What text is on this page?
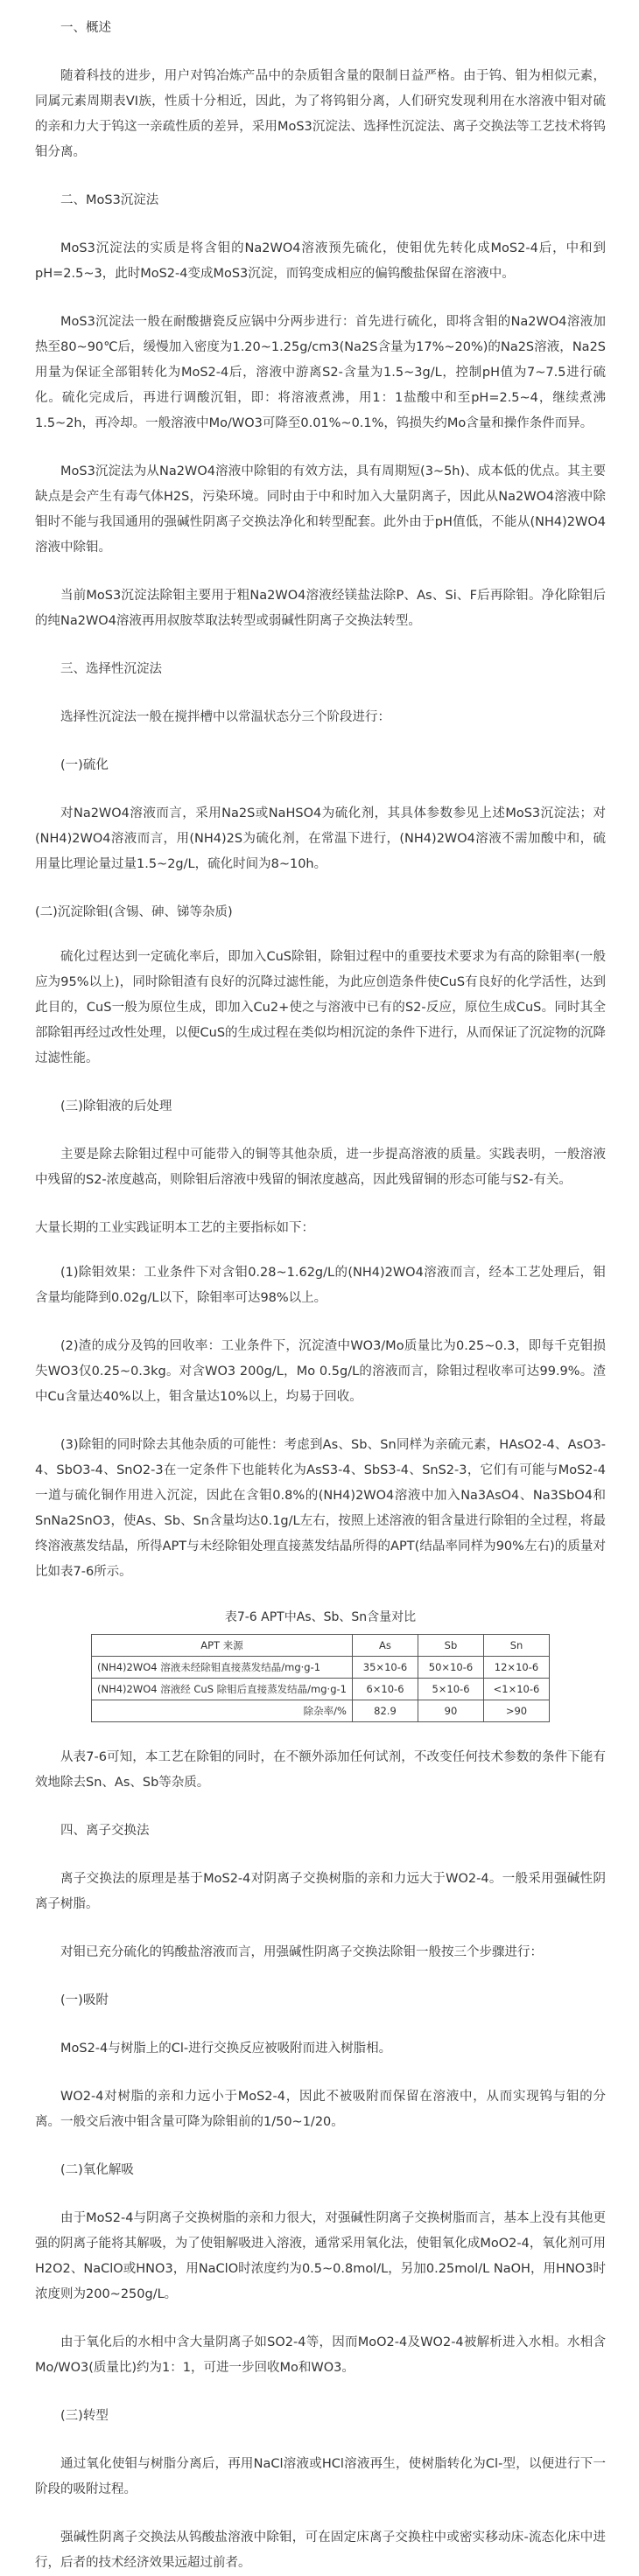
一、概述
随着科技的进步，用户对钨冶炼产品中的杂质钼含量的限制日益严格。由于钨、钼为相似元素，同属元素周期表VI族，性质十分相近，因此，为了将钨钼分离，人们研究发现利用在水溶液中钼对硫的亲和力大于钨这一亲疏性质的差异，采用MoS3沉淀法、选择性沉淀法、离子交换法等工艺技术将钨钼分离。
二、MoS3沉淀法
MoS3沉淀法的实质是将含钼的Na2WO4溶液预先硫化，使钼优先转化成MoS2-4后，中和到pH=2.5~3，此时MoS2-4变成MoS3沉淀，而钨变成相应的偏钨酸盐保留在溶液中。
MoS3沉淀法一般在耐酸搪瓷反应锅中分两步进行：首先进行硫化，即将含钼的Na2WO4溶液加热至80~90℃后，缓慢加入密度为1.20~1.25g/cm3(Na2S含量为17%~20%)的Na2S溶液，Na2S用量为保证全部钼转化为MoS2-4后，溶液中游离S2-含量为1.5~3g/L，控制pH值为7~7.5进行硫化。硫化完成后，再进行调酸沉钼，即：将溶液煮沸，用1：1盐酸中和至pH=2.5~4，继续煮沸1.5~2h，再冷却。一般溶液中Mo/WO3可降至0.01%~0.1%，钨损失约Mo含量和操作条件而异。
MoS3沉淀法为从Na2WO4溶液中除钼的有效方法，具有周期短(3~5h)、成本低的优点。其主要缺点是会产生有毒气体H2S，污染环境。同时由于中和时加入大量阴离子，因此从Na2WO4溶液中除钼时不能与我国通用的强碱性阴离子交换法净化和转型配套。此外由于pH值低，不能从(NH4)2WO4溶液中除钼。
当前MoS3沉淀法除钼主要用于粗Na2WO4溶液经镁盐法除P、As、Si、F后再除钼。净化除钼后的纯Na2WO4溶液再用叔胺萃取法转型或弱碱性阴离子交换法转型。
三、选择性沉淀法
选择性沉淀法一般在搅拌槽中以常温状态分三个阶段进行：
(一)硫化
对Na2WO4溶液而言，采用Na2S或NaHSO4为硫化剂，其具体参数参见上述MoS3沉淀法；对(NH4)2WO4溶液而言，用(NH4)2S为硫化剂，在常温下进行，(NH4)2WO4溶液不需加酸中和，硫用量比理论量过量1.5~2g/L，硫化时间为8~10h。
(二)沉淀除钼(含锡、砷、锑等杂质)
硫化过程达到一定硫化率后，即加入CuS除钼，除钼过程中的重要技术要求为有高的除钼率(一般应为95%以上)，同时除钼渣有良好的沉降过滤性能，为此应创造条件使CuS有良好的化学活性，达到此目的，CuS一般为原位生成，即加入Cu2+使之与溶液中已有的S2-反应，原位生成CuS。同时其全部除钼再经过改性处理，以便CuS的生成过程在类似均相沉淀的条件下进行，从而保证了沉淀物的沉降过滤性能。
(三)除钼液的后处理
主要是除去除钼过程中可能带入的铜等其他杂质，进一步提高溶液的质量。实践表明，一般溶液中残留的S2-浓度越高，则除钼后溶液中残留的铜浓度越高，因此残留铜的形态可能与S2-有关。
大量长期的工业实践证明本工艺的主要指标如下：
(1)除钼效果：工业条件下对含钼0.28~1.62g/L的(NH4)2WO4溶液而言，经本工艺处理后，钼含量均能降到0.02g/L以下，除钼率可达98%以上。
(2)渣的成分及钨的回收率：工业条件下，沉淀渣中WO3/Mo质量比为0.25~0.3，即每千克钼损失WO3仅0.25~0.3kg。对含WO3 200g/L，Mo 0.5g/L的溶液而言，除钼过程收率可达99.9%。渣中Cu含量达40%以上，钼含量达10%以上，均易于回收。
(3)除钼的同时除去其他杂质的可能性：考虑到As、Sb、Sn同样为亲硫元素，HAsO2-4、AsO3-4、SbO3-4、SnO2-3在一定条件下也能转化为AsS3-4、SbS3-4、SnS2-3，它们有可能与MoS2-4一道与硫化铜作用进入沉淀，因此在含钼0.8%的(NH4)2WO4溶液中加入Na3AsO4、Na3SbO4和SnNa2SnO3，使As、Sb、Sn含量均达0.1g/L左右，按照上述溶液的钼含量进行除钼的全过程，将最终溶液蒸发结晶，所得APT与未经除钼处理直接蒸发结晶所得的APT(结晶率同样为90%左右)的质量对比如表7-6所示。
表7-6 APT中As、Sb、Sn含量对比
APT 来源	As	Sb	Sn
(NH4)2WO4 溶液未经除钼直接蒸发结晶/mg·g-1	35×10-6	50×10-6	12×10-6
(NH4)2WO4 溶液经 CuS 除钼后直接蒸发结晶/mg·g-1	6×10-6	5×10-6	<1×10-6
除杂率/%	82.9	90	>90
从表7-6可知，本工艺在除钼的同时，在不额外添加任何试剂，不改变任何技术参数的条件下能有效地除去Sn、As、Sb等杂质。
四、离子交换法
离子交换法的原理是基于MoS2-4对阴离子交换树脂的亲和力远大于WO2-4。一般采用强碱性阴离子树脂。
对钼已充分硫化的钨酸盐溶液而言，用强碱性阴离子交换法除钼一般按三个步骤进行：
(一)吸附
MoS2-4与树脂上的Cl-进行交换反应被吸附而进入树脂相。
WO2-4对树脂的亲和力远小于MoS2-4，因此不被吸附而保留在溶液中，从而实现钨与钼的分离。一般交后液中钼含量可降为除钼前的1/50~1/20。
(二)氧化解吸
由于MoS2-4与阴离子交换树脂的亲和力很大，对强碱性阴离子交换树脂而言，基本上没有其他更强的阴离子能将其解吸，为了使钼解吸进入溶液，通常采用氧化法，使钼氧化成MoO2-4，氧化剂可用H2O2、NaClO或HNO3，用NaClO时浓度约为0.5~0.8mol/L，另加0.25mol/L NaOH，用HNO3时浓度则为200~250g/L。
由于氧化后的水相中含大量阴离子如SO2-4等，因而MoO2-4及WO2-4被解析进入水相。水相含Mo/WO3(质量比)约为1：1，可进一步回收Mo和WO3。
(三)转型
通过氧化使钼与树脂分离后，再用NaCl溶液或HCl溶液再生，使树脂转化为Cl-型，以便进行下一阶段的吸附过程。
强碱性阴离子交换法从钨酸盐溶液中除钼，可在固定床离子交换柱中或密实移动床-流态化床中进行，后者的技术经济效果远超过前者。
